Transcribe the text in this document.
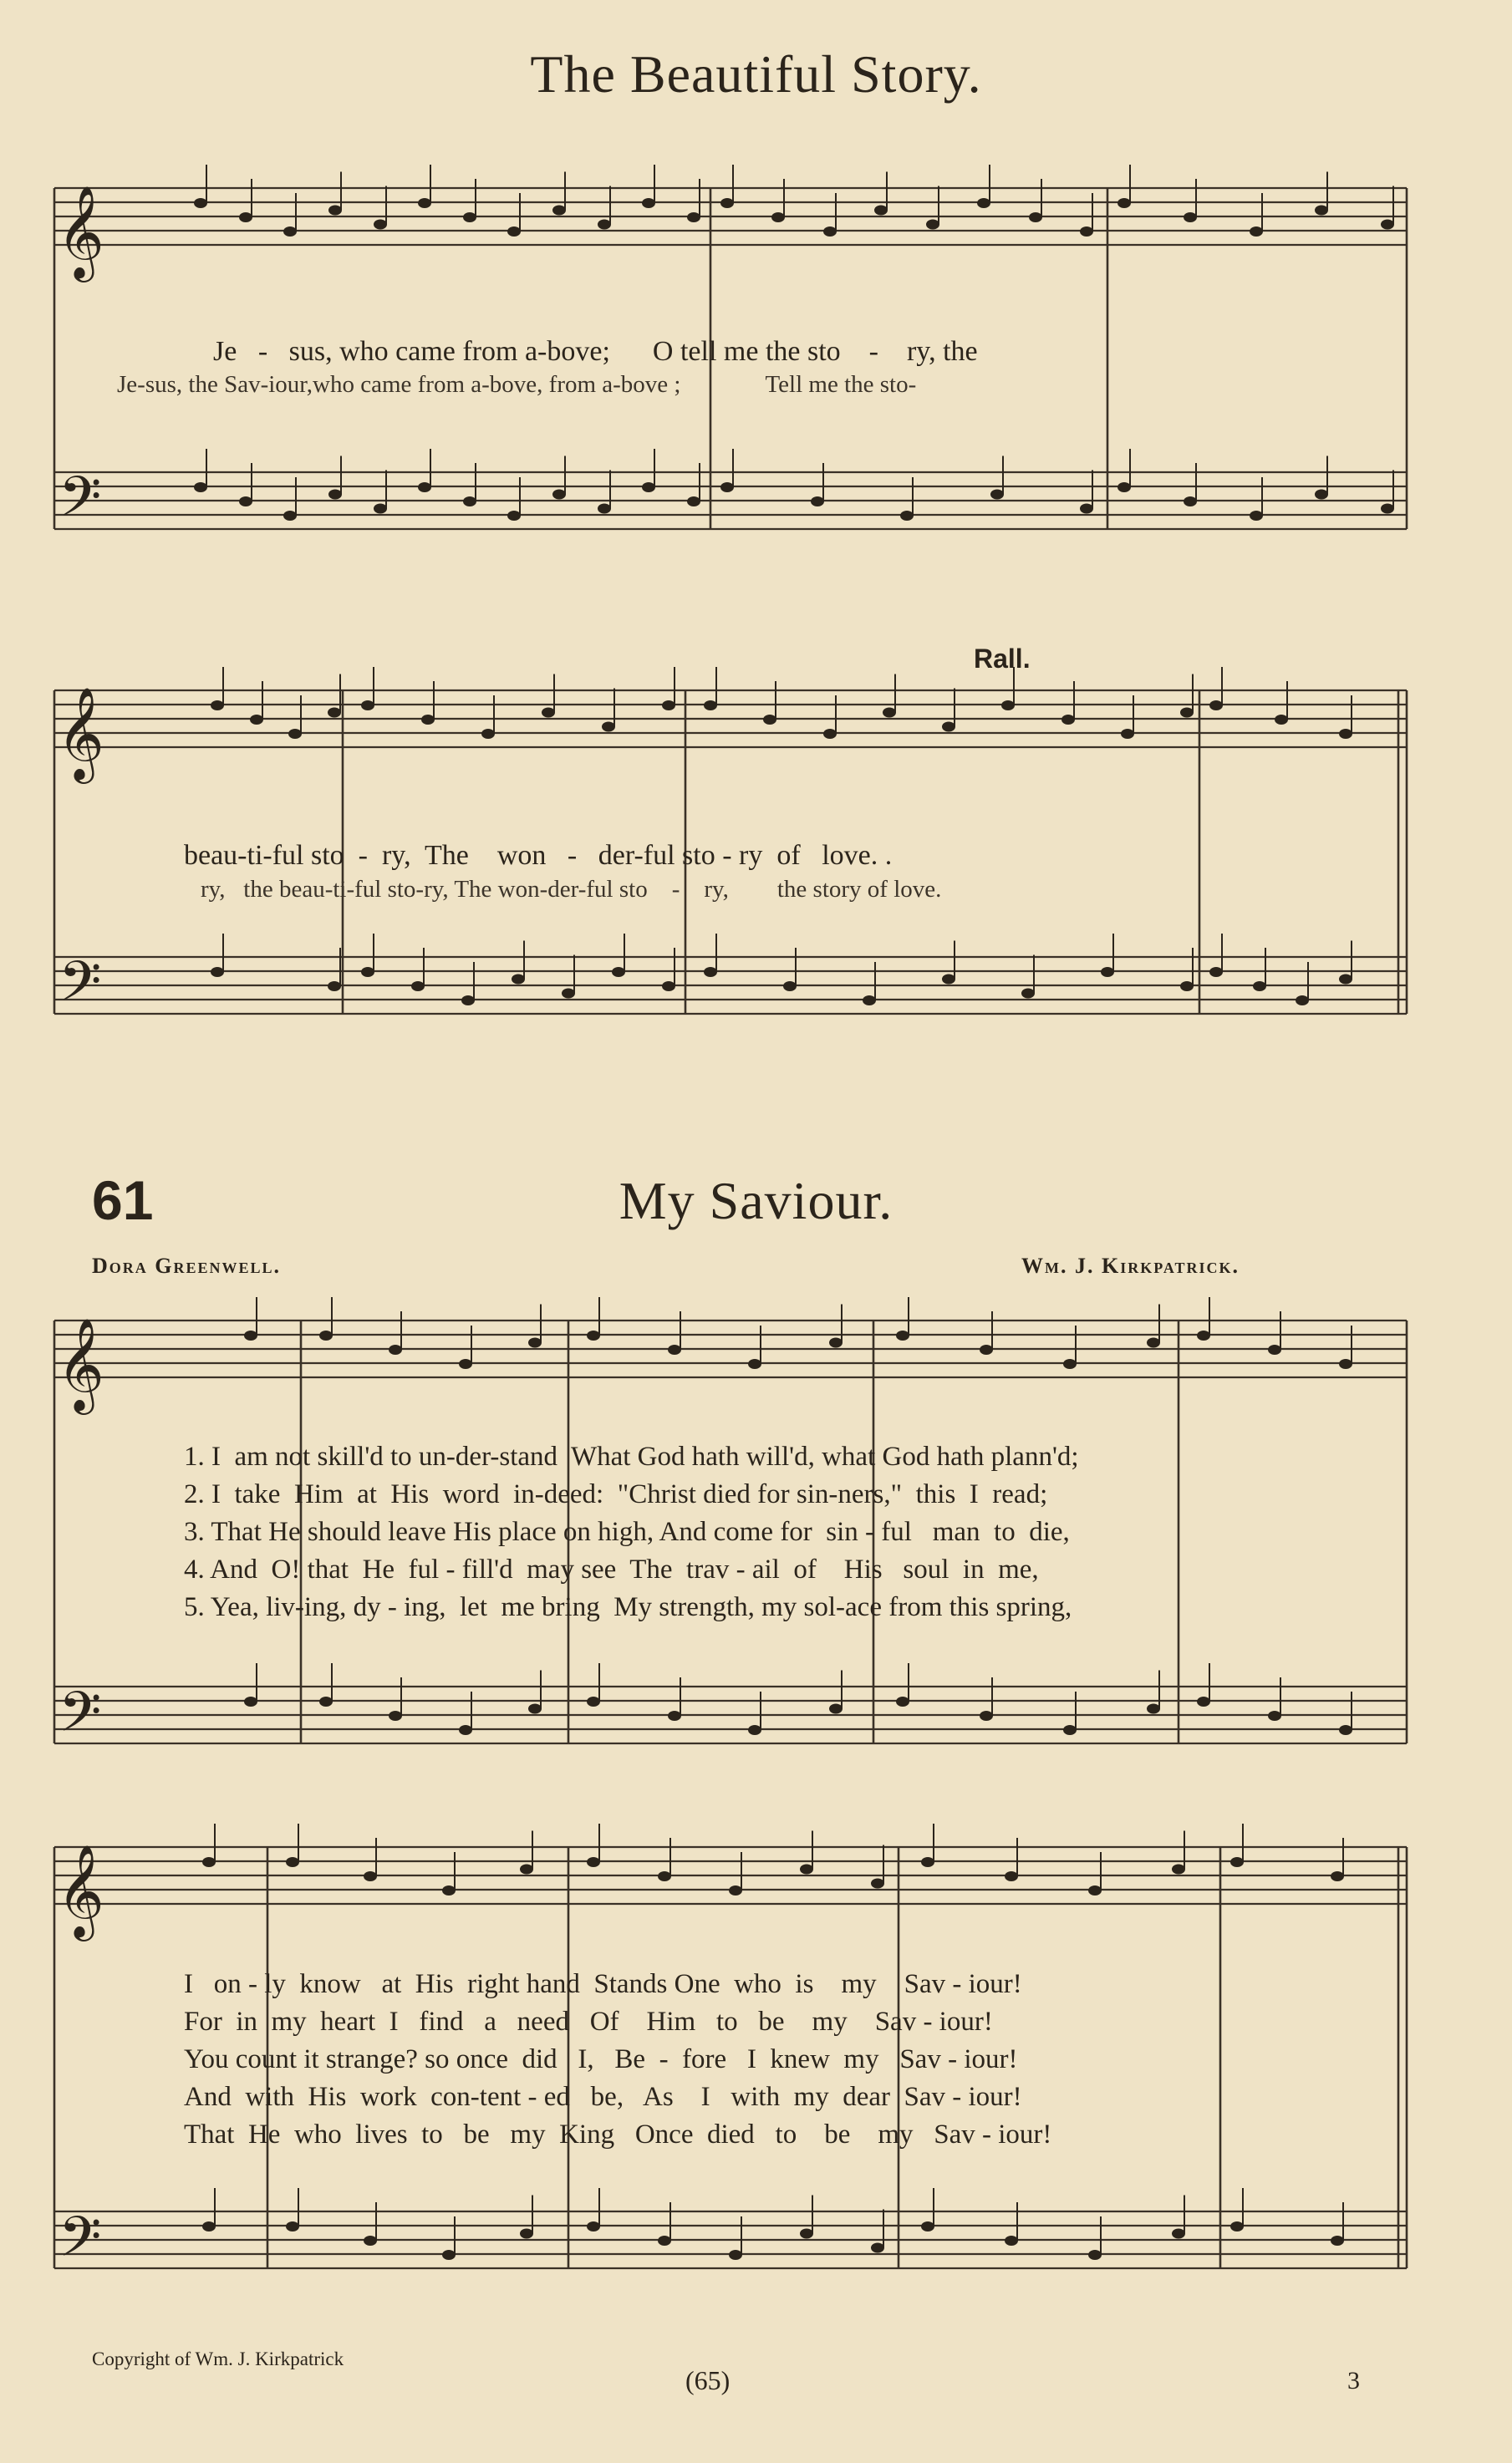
𝄞
𝄢
𝄞
𝄢
𝄞
𝄢
𝄞
𝄢
The Beautiful Story.
Je   -   sus, who came from a-bove;      O tell me the sto    -    ry, the
Je-sus, the Sav-iour,who came from a-bove, from a-bove ;              Tell me the sto-
Rall.
beau-ti-ful sto  -  ry,  The    won   -   der-ful sto - ry  of   love. .
ry,   the beau-ti-ful sto-ry, The won-der-ful sto    -    ry,        the story of love.
61	My Saviour.
Dora Greenwell.	Wm. J. Kirkpatrick.
1. I  am not skill'd to un-der-stand  What God hath will'd, what God hath plann'd;
2. I  take  Him  at  His  word  in-deed:  "Christ died for sin-ners,"  this  I  read;
3. That He should leave His place on high, And come for  sin - ful   man  to  die,
4. And  O! that  He  ful - fill'd  may see  The  trav - ail  of    His   soul  in  me,
5. Yea, liv-ing, dy - ing,  let  me bring  My strength, my sol-ace from this spring,
I   on - ly  know   at  His  right hand  Stands One  who  is    my    Sav - iour!
For  in  my  heart  I   find   a   need   Of    Him   to   be    my    Sav - iour!
You count it strange? so once  did   I,   Be  -  fore   I  knew  my   Sav - iour!
And  with  His  work  con-tent - ed   be,   As    I   with  my  dear  Sav - iour!
That  He  who  lives  to   be   my  King   Once  died   to    be    my   Sav - iour!
Copyright of Wm. J. Kirkpatrick
(65)	3
